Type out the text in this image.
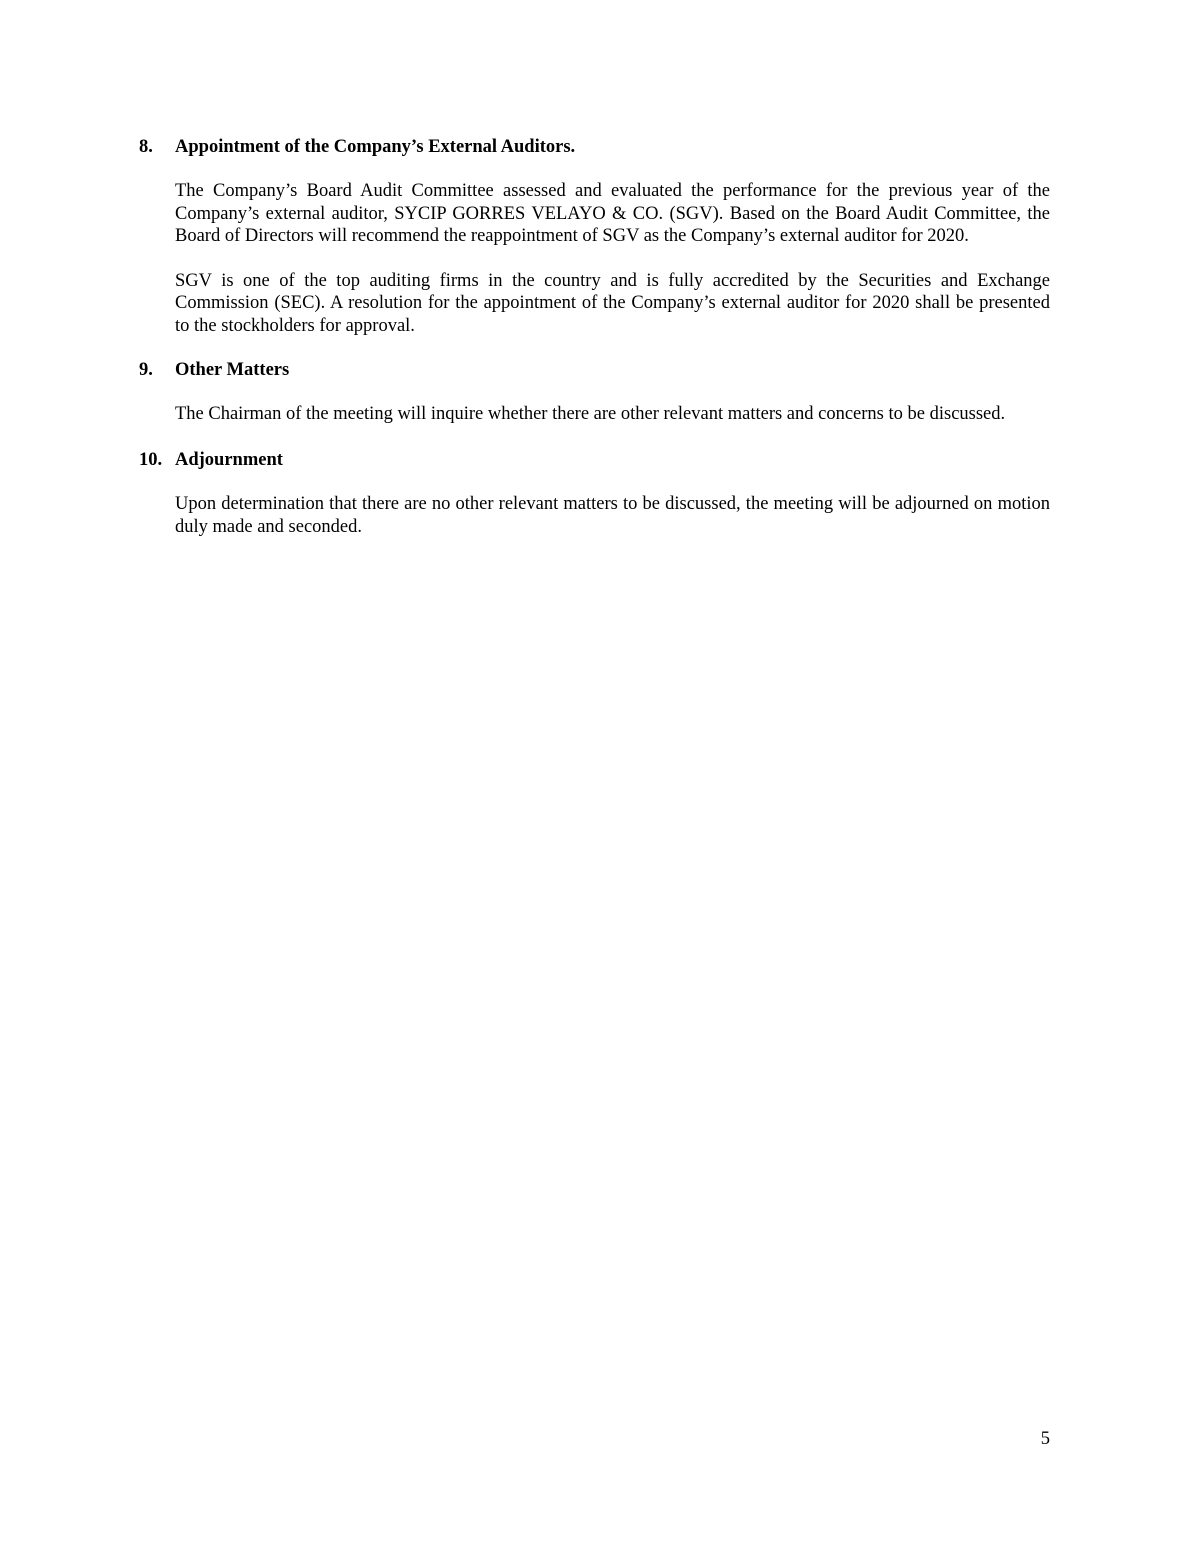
8. Appointment of the Company’s External Auditors.

The Company’s Board Audit Committee assessed and evaluated the performance for the previous year of the Company’s external auditor, SYCIP GORRES VELAYO & CO. (SGV). Based on the Board Audit Committee, the Board of Directors will recommend the reappointment of SGV as the Company’s external auditor for 2020.

SGV is one of the top auditing firms in the country and is fully accredited by the Securities and Exchange Commission (SEC). A resolution for the appointment of the Company’s external auditor for 2020 shall be presented to the stockholders for approval.

9. Other Matters

The Chairman of the meeting will inquire whether there are other relevant matters and concerns to be discussed.

10. Adjournment

Upon determination that there are no other relevant matters to be discussed, the meeting will be adjourned on motion duly made and seconded.

5
